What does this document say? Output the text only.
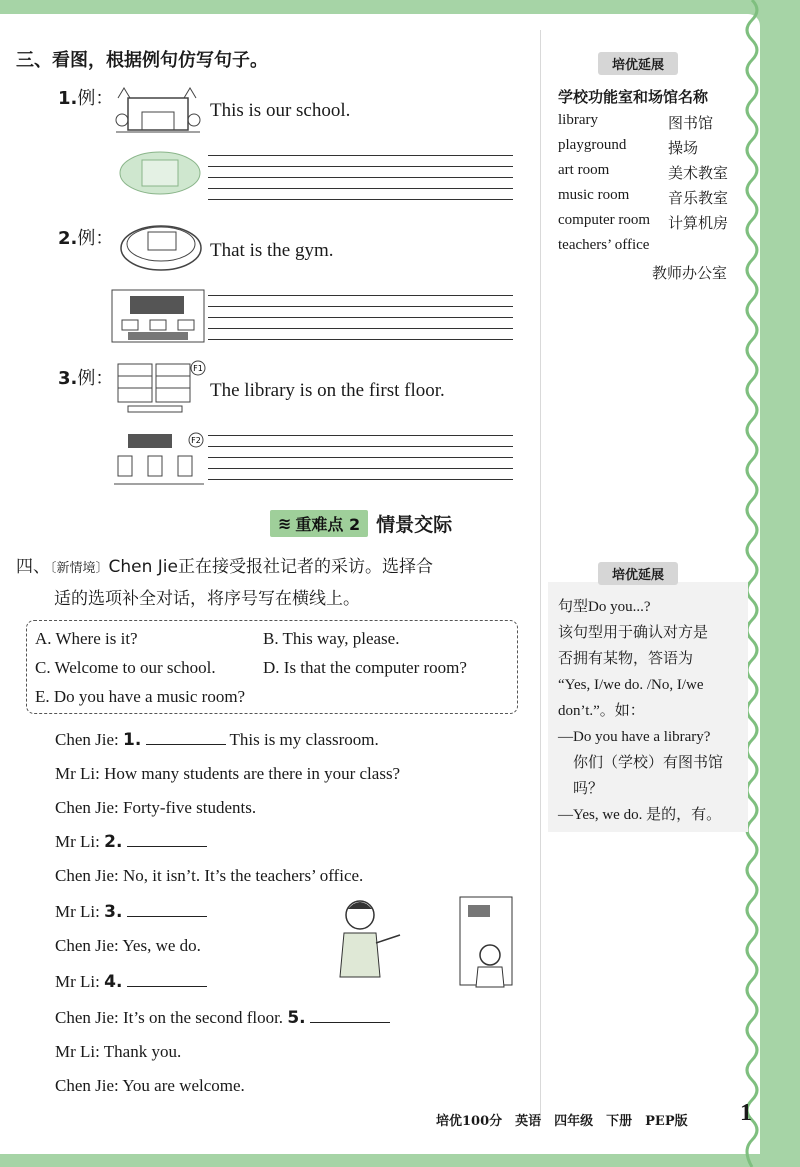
三、看图，根据例句仿写句子。
1.例：
This is our school.
2.例：
That is the gym.
3.例：	F1
The library is on the first floor.
F2
≋ 重难点 2 情景交际
四、〔新情境〕Chen Jie正在接受报社记者的采访。选择合
适的选项补全对话，将序号写在横线上。
A. Where is it?	B. This way, please.
C. Welcome to our school.	D. Is that the computer room?
E. Do you have a music room?
Chen Jie: 1.	This is my classroom.
Mr Li: How many students are there in your class?
Chen Jie: Forty-five students.
Mr Li: 2.
Chen Jie: No, it isn’t. It’s the teachers’ office.
Mr Li: 3.
Chen Jie: Yes, we do.
Mr Li: 4.
Chen Jie: It’s on the second floor. 5.
Mr Li: Thank you.
Chen Jie: You are welcome.
培优延展
学校功能室和场馆名称
library	图书馆
playground	操场
art room	美术教室
music room	音乐教室
computer room 计算机房
teachers’ office
教师办公室
培优延展
句型Do you...?
该句型用于确认对方是
否拥有某物，答语为
“Yes, I/we do. /No, I/we
don’t.”。如：
—Do you have a library?
　你们（学校）有图书馆
　吗？
—Yes, we do. 是的，有。
培优100分　英语　四年级　下册　PEP版 1
